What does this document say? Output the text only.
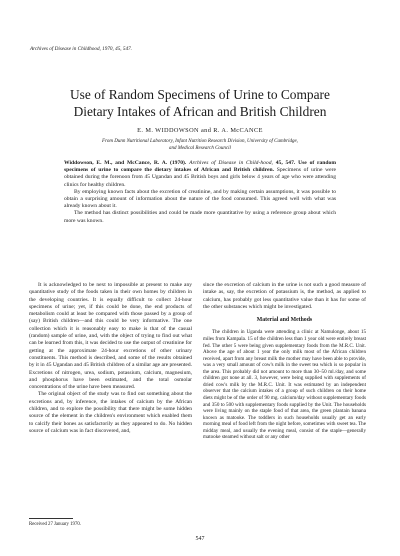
Archives of Disease in Childhood, 1970, 45, 547.
Use of Random Specimens of Urine to Compare
Dietary Intakes of African and British Children
E. M. WIDDOWSON and R. A. McCANCE
From Dunn Nutritional Laboratory, Infant Nutrition Research Division, University of Cambridge,
and Medical Research Council

Widdowson, E. M., and McCance, R. A. (1970). Archives of Disease in Child-hood, 45, 547. Use of random specimens of urine to compare the dietary intakes of African and British children. Specimens of urine were obtained during the forenoon from 45 Ugandan and 45 British boys and girls below 4 years of age who were attending clinics for healthy children.

By employing known facts about the excretion of creatinine, and by making certain assumptions, it was possible to obtain a surprising amount of information about the nature of the food consumed. This agreed well with what was already known about it.

The method has distinct possibilities and could be made more quantitative by using a reference group about which more was known.

It is acknowledged to be next to impossible at present to make any quantitative study of the foods taken in their own homes by children in the developing countries. It is equally difficult to collect 24-hour specimens of urine; yet, if this could be done, the end products of metabolism could at least be compared with those passed by a group of (say) British children—and this could be very informative. The one collection which it is reasonably easy to make is that of the casual (random) sample of urine, and, with the object of trying to find out what can be learned from this, it was decided to use the output of creatinine for getting at the approximate 24-hour excretions of other urinary constituents. This method is described, and some of the results obtained by it in 45 Ugandan and 45 British children of a similar age are presented. Excretions of nitrogen, urea, sodium, potassium, calcium, magnesium, and phosphorus have been estimated, and the total osmolar concentrations of the urine have been measured.

The original object of the study was to find out something about the excretions and, by inference, the intakes of calcium by the African children, and to explore the possibility that there might be some hidden source of the element in the children's environment which enabled them to calcify their bones as satisfactorily as they appeared to do. No hidden source of calcium was in fact discovered, and,

since the excretion of calcium in the urine is not such a good measure of intake as, say, the excretion of potassium is, the method, as applied to calcium, has probably got less quantitative value than it has for some of the other substances which might be investigated.

Material and Methods

The children in Uganda were attending a clinic at Namulonge, about 15 miles from Kampala. 15 of the children less than 1 year old were entirely breast fed. The other 5 were being given supplementary foods from the M.R.C. Unit. Above the age of about 1 year the only milk most of the African children received, apart from any breast milk the mother may have been able to provide, was a very small amount of cow's milk in the sweet tea which is so popular in the area. This probably did not amount to more than 30–50 ml./day, and some children got none at all. 3, however, were being supplied with supplements of dried cow's milk by the M.R.C. Unit. It was estimated by an independent observer that the calcium intakes of a group of such children on their home diets might be of the order of 90 mg. calcium/day without supplementary foods and 350 to 500 with supplementary foods supplied by the Unit. The households were living mainly on the staple food of that area, the green plantain banana known as matooke. The toddlers in such households usually get an early morning meal of food left from the night before, sometimes with sweet tea. The midday meal, and usually the evening meal, consist of the staple—generally matooke steamed without salt or any other

Received 27 January 1970.
547
